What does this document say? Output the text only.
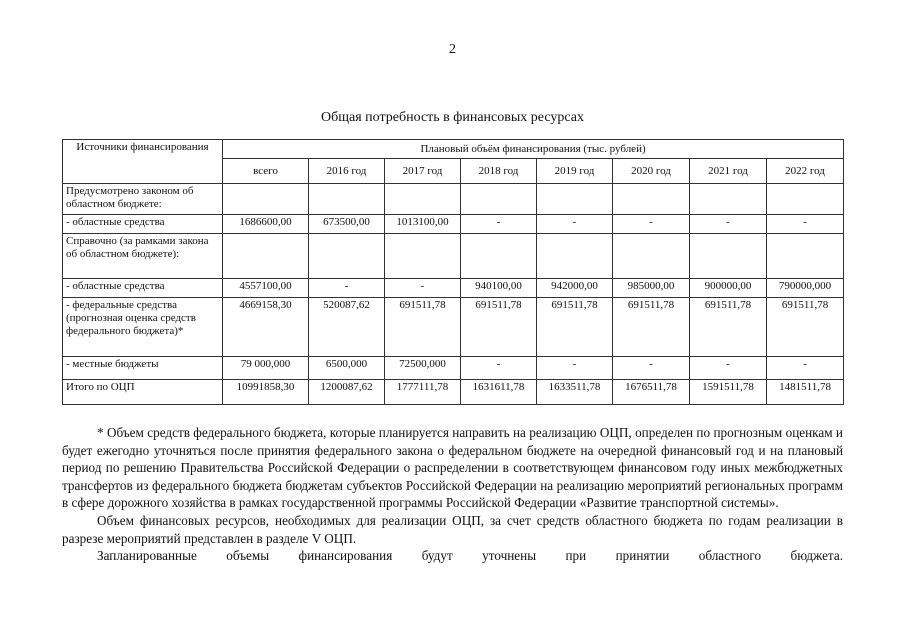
2
Общая потребность в финансовых ресурсах
Источники финансирования	Плановый объём финансирования (тыс. рублей)							
	всего	2016 год	2017 год	2018 год	2019 год	2020 год	2021 год	2022 год
Предусмотрено законом об областном бюджете:								
- областные средства	1686600,00	673500,00	1013100,00	-	-	-	-	-
Справочно (за рамками закона об областном бюджете):								
- областные средства	4557100,00	-	-	940100,00	942000,00	985000,00	900000,00	790000,000
- федеральные средства (прогнозная оценка средств федерального бюджета)*	4669158,30	520087,62	691511,78	691511,78	691511,78	691511,78	691511,78	691511,78
- местные бюджеты	79 000,000	6500,000	72500,000	-	-	-	-	-
Итого по ОЦП	10991858,30	1200087,62	1777111,78	1631611,78	1633511,78	1676511,78	1591511,78	1481511,78

* Объем средств федерального бюджета, которые планируется направить на реализацию ОЦП, определен по прогнозным оценкам и будет ежегодно уточняться после принятия федерального закона о федеральном бюджете на очередной финансовый год и на плановый период по решению Правительства Российской Федерации о распределении в соответствующем финансовом году иных межбюджетных трансфертов из федерального бюджета бюджетам субъектов Российской Федерации на реализацию мероприятий региональных программ в сфере дорожного хозяйства в рамках государственной программы Российской Федерации «Развитие транспортной системы».

Объем финансовых ресурсов, необходимых для реализации ОЦП, за счет средств областного бюджета по годам реализации в разрезе мероприятий представлен в разделе V ОЦП.

Запланированные объемы финансирования будут уточнены при принятии областного бюджета.
